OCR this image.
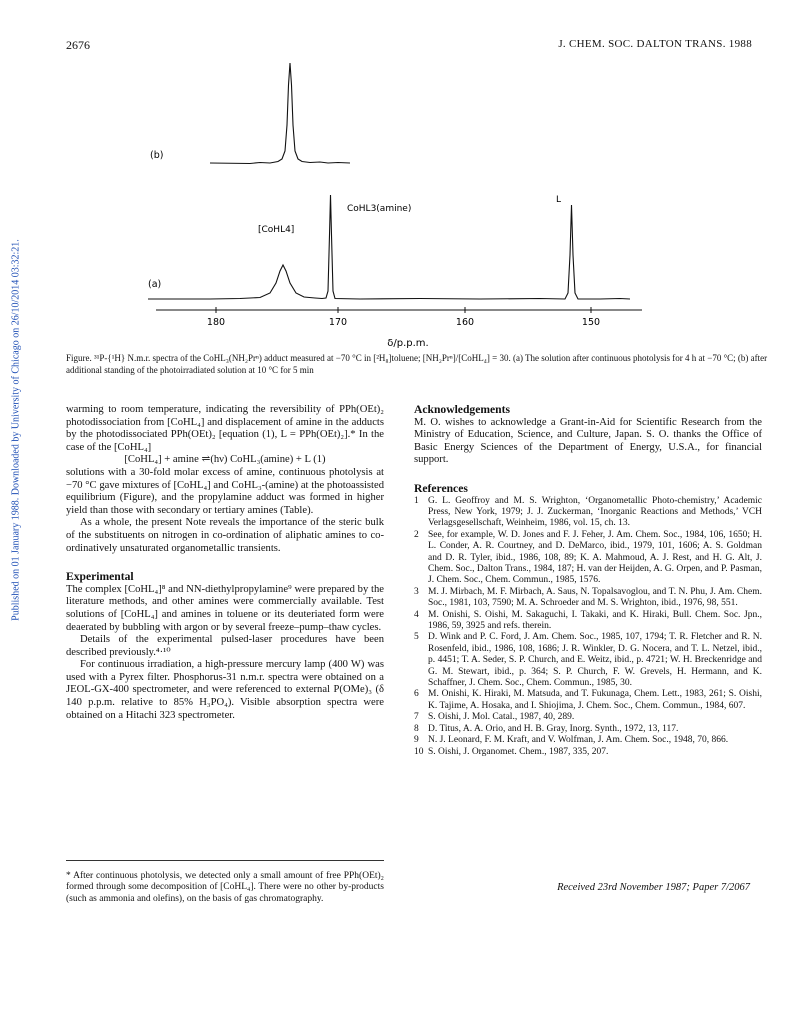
2676	J. CHEM. SOC. DALTON TRANS. 1988
Published on 01 January 1988. Downloaded by University of Chicago on 26/10/2014 03:32:21.
(b)
(a)
[CoHL4]
CoHL3(amine)
L
180	170	160	150
δ/p.p.m.
Figure. ³¹P-{¹H} N.m.r. spectra of the CoHL₃(NH₂Prⁿ) adduct measured at −70 °C in [²H₈]toluene; [NH₂Prⁿ]/[CoHL₄] = 30. (a) The solution after continuous photolysis for 4 h at −70 °C; (b) after additional standing of the photoirradiated solution at 10 °C for 5 min

warming to room temperature, indicating the reversibility of PPh(OEt)₂ photodissociation from [CoHL₄] and displacement of amine in the adducts by the photodissociated PPh(OEt)₂ [equation (1), L = PPh(OEt)₂].* In the case of the [CoHL₄]

[CoHL₄] + amine ⇌(hν) CoHL₃(amine) + L (1)

solutions with a 30-fold molar excess of amine, continuous photolysis at −70 °C gave mixtures of [CoHL₄] and CoHL₃-(amine) at the photoassisted equilibrium (Figure), and the propylamine adduct was formed in higher yield than those with secondary or tertiary amines (Table).

As a whole, the present Note reveals the importance of the steric bulk of the substituents on nitrogen in co-ordination of aliphatic amines to co-ordinatively unsaturated organometallic transients.

Experimental

The complex [CoHL₄]⁸ and NN-diethylpropylamine⁹ were prepared by the literature methods, and other amines were commercially available. Test solutions of [CoHL₄] and amines in toluene or its deuteriated form were deaerated by bubbling with argon or by several freeze–pump–thaw cycles.

Details of the experimental pulsed-laser procedures have been described previously.⁴·¹⁰

For continuous irradiation, a high-pressure mercury lamp (400 W) was used with a Pyrex filter. Phosphorus-31 n.m.r. spectra were obtained on a JEOL-GX-400 spectrometer, and were referenced to external P(OMe)₃ (δ 140 p.p.m. relative to 85% H₃PO₄). Visible absorption spectra were obtained on a Hitachi 323 spectrometer.

* After continuous photolysis, we detected only a small amount of free PPh(OEt)₂ formed through some decomposition of [CoHL₄]. There were no other by-products (such as ammonia and olefins), on the basis of gas chromatography.

Acknowledgements

M. O. wishes to acknowledge a Grant-in-Aid for Scientific Research from the Ministry of Education, Science, and Culture, Japan. S. O. thanks the Office of Basic Energy Sciences of the Department of Energy, U.S.A., for financial support.

References

1 G. L. Geoffroy and M. S. Wrighton, ‘Organometallic Photo-chemistry,’ Academic Press, New York, 1979; J. J. Zuckerman, ‘Inorganic Reactions and Methods,’ VCH Verlagsgesellschaft, Weinheim, 1986, vol. 15, ch. 13.

2 See, for example, W. D. Jones and F. J. Feher, J. Am. Chem. Soc., 1984, 106, 1650; H. L. Conder, A. R. Courtney, and D. DeMarco, ibid., 1979, 101, 1606; A. S. Goldman and D. R. Tyler, ibid., 1986, 108, 89; K. A. Mahmoud, A. J. Rest, and H. G. Alt, J. Chem. Soc., Dalton Trans., 1984, 187; H. van der Heijden, A. G. Orpen, and P. Pasman, J. Chem. Soc., Chem. Commun., 1985, 1576.

3 M. J. Mirbach, M. F. Mirbach, A. Saus, N. Topalsavoglou, and T. N. Phu, J. Am. Chem. Soc., 1981, 103, 7590; M. A. Schroeder and M. S. Wrighton, ibid., 1976, 98, 551.

4 M. Onishi, S. Oishi, M. Sakaguchi, I. Takaki, and K. Hiraki, Bull. Chem. Soc. Jpn., 1986, 59, 3925 and refs. therein.

5 D. Wink and P. C. Ford, J. Am. Chem. Soc., 1985, 107, 1794; T. R. Fletcher and R. N. Rosenfeld, ibid., 1986, 108, 1686; J. R. Winkler, D. G. Nocera, and T. L. Netzel, ibid., p. 4451; T. A. Seder, S. P. Church, and E. Weitz, ibid., p. 4721; W. H. Breckenridge and G. M. Stewart, ibid., p. 364; S. P. Church, F. W. Grevels, H. Hermann, and K. Schaffner, J. Chem. Soc., Chem. Commun., 1985, 30.

6 M. Onishi, K. Hiraki, M. Matsuda, and T. Fukunaga, Chem. Lett., 1983, 261; S. Oishi, K. Tajime, A. Hosaka, and I. Shiojima, J. Chem. Soc., Chem. Commun., 1984, 607.

7 S. Oishi, J. Mol. Catal., 1987, 40, 289.

8 D. Titus, A. A. Orio, and H. B. Gray, Inorg. Synth., 1972, 13, 117.

9 N. J. Leonard, F. M. Kraft, and V. Wolfman, J. Am. Chem. Soc., 1948, 70, 866.

10 S. Oishi, J. Organomet. Chem., 1987, 335, 207.

Received 23rd November 1987; Paper 7/2067
